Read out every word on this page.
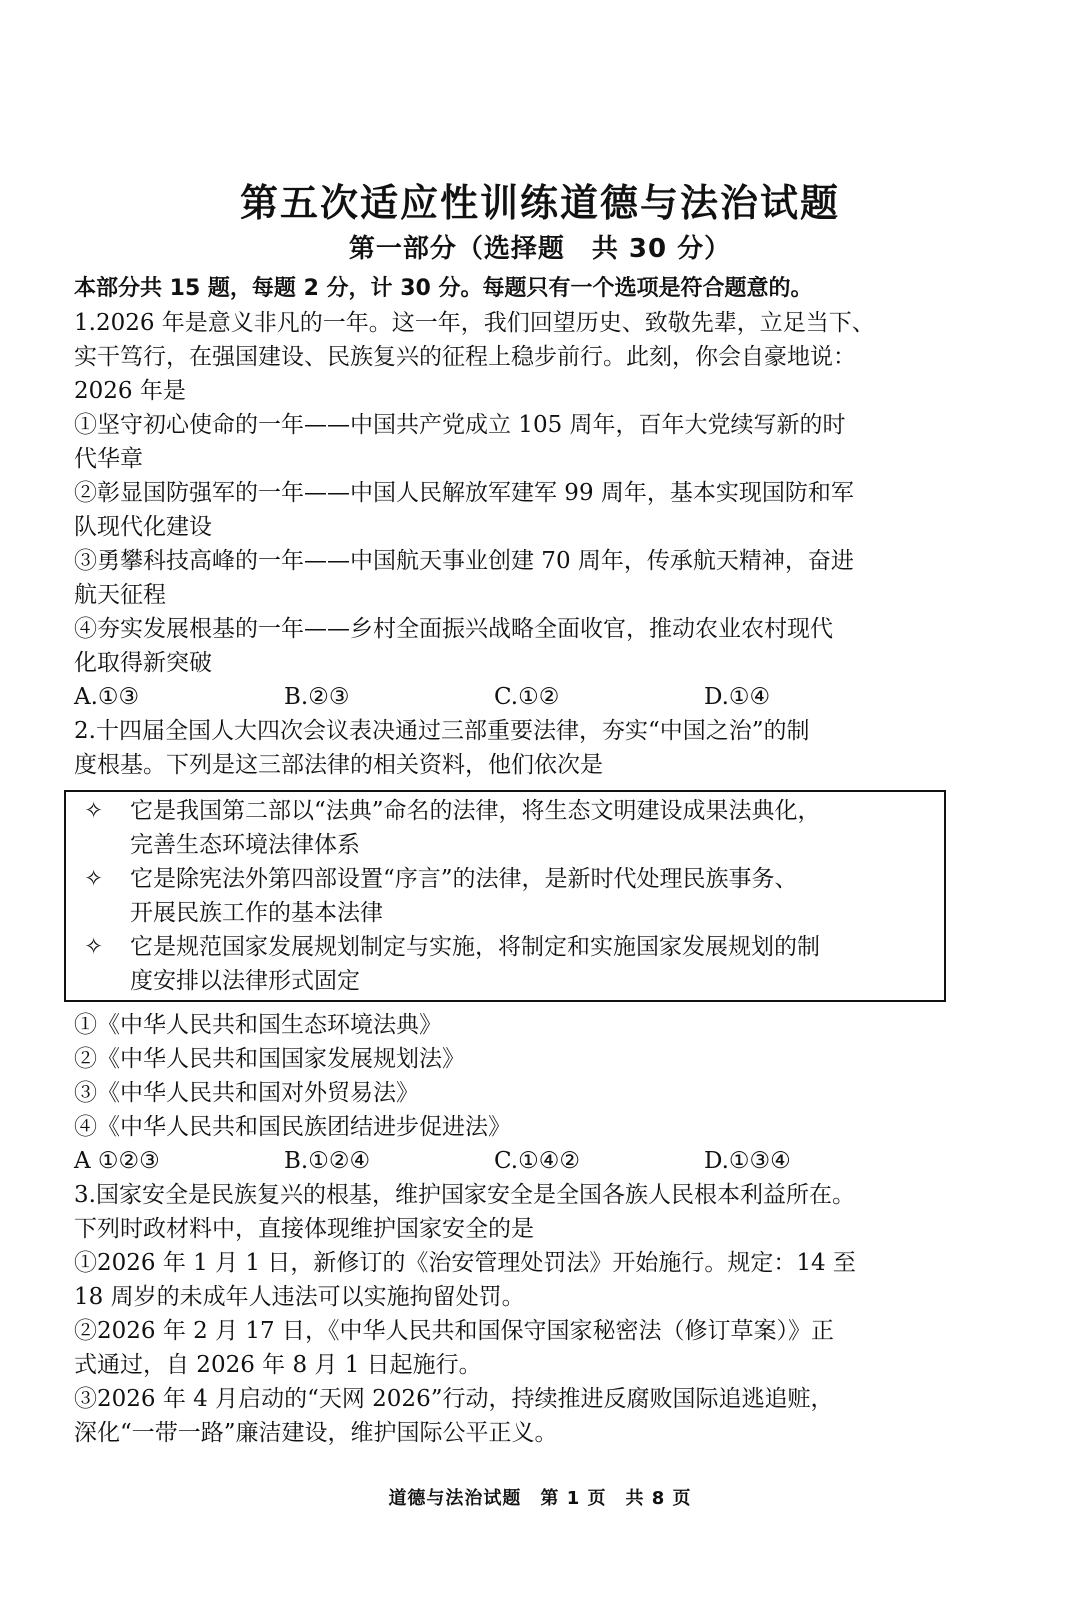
第五次适应性训练道德与法治试题
第一部分（选择题　共 30 分）
本部分共 15 题，每题 2 分，计 30 分。每题只有一个选项是符合题意的。
1.2026 年是意义非凡的一年。这一年，我们回望历史、致敬先辈，立足当下、
实干笃行，在强国建设、民族复兴的征程上稳步前行。此刻，你会自豪地说：
2026 年是
①坚守初心使命的一年——中国共产党成立 105 周年，百年大党续写新的时
代华章
②彰显国防强军的一年——中国人民解放军建军 99 周年，基本实现国防和军
队现代化建设
③勇攀科技高峰的一年——中国航天事业创建 70 周年，传承航天精神，奋进
航天征程
④夯实发展根基的一年——乡村全面振兴战略全面收官，推动农业农村现代
化取得新突破
A.①③	B.②③	C.①②	D.①④
2.十四届全国人大四次会议表决通过三部重要法律，夯实“中国之治”的制
度根基。下列是这三部法律的相关资料，他们依次是
✧	它是我国第二部以“法典”命名的法律，将生态文明建设成果法典化，
完善生态环境法律体系
✧	它是除宪法外第四部设置“序言”的法律，是新时代处理民族事务、
开展民族工作的基本法律
✧	它是规范国家发展规划制定与实施，将制定和实施国家发展规划的制
度安排以法律形式固定
①《中华人民共和国生态环境法典》
②《中华人民共和国国家发展规划法》
③《中华人民共和国对外贸易法》
④《中华人民共和国民族团结进步促进法》
A ①②③	B.①②④	C.①④②	D.①③④
3.国家安全是民族复兴的根基，维护国家安全是全国各族人民根本利益所在。
下列时政材料中，直接体现维护国家安全的是
①2026 年 1 月 1 日，新修订的《治安管理处罚法》开始施行。规定：14 至
18 周岁的未成年人违法可以实施拘留处罚。
②2026 年 2 月 17 日，《中华人民共和国保守国家秘密法（修订草案）》正
式通过，自 2026 年 8 月 1 日起施行。
③2026 年 4 月启动的“天网 2026”行动，持续推进反腐败国际追逃追赃，
深化“一带一路”廉洁建设，维护国际公平正义。
道德与法治试题　第 1 页　共 8 页
